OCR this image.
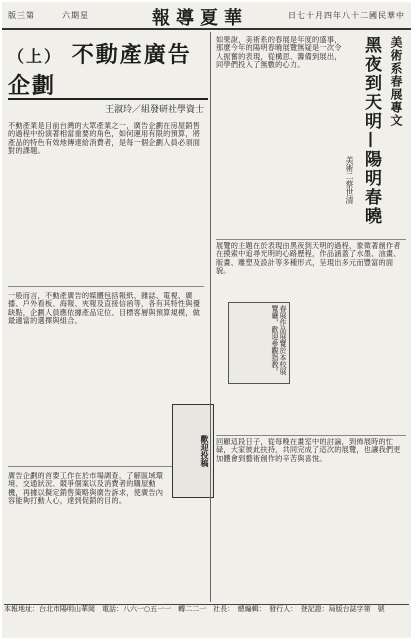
版三第	六期星	報導夏華	日七十月四年八十二國民華中
（上） 不動產廣告企劃
王淑玲／組發研社學資士
不動產業是目前台灣的大眾產業之一，廣告企劃在房屋銷售的過程中扮演著相當重要的角色，如何運用有限的預算，將產品的特色有效地傳達給消費者，是每一個企劃人員必須面對的課題。
一般而言，不動產廣告的媒體包括報紙、雜誌、電視、廣播、戶外看板、海報、夾報及直接信函等，各有其特性與優缺點，企劃人員應依據產品定位、目標客層與預算規模，做最適當的選擇與組合。
廣告企劃的首要工作在於市場調查，了解區域環境、交通狀況、競爭個案以及消費者的購屋動機，再據以擬定銷售策略與廣告訴求，使廣告內容能夠打動人心，達到促銷的目的。
歡迎投稿
美術系春展專文
黑夜到天明—陽明春曉
美術二蔡世清
如果說，美術系的春展是年度的盛事，那麼今年的陽明春曉展覽無疑是一次令人振奮的表現，從構思、籌備到展出，同學們投入了無數的心力。
展覽的主題在於表現由黑夜到天明的過程，象徵著創作者在摸索中追尋光明的心路歷程，作品涵蓋了水墨、油畫、版畫、雕塑及設計等多種形式，呈現出多元而豐富的面貌。
春展作品展覽於本校展覽廳，歡迎參觀指教。
回顧這段日子，從每晚在畫室中的討論，到佈展時的忙碌，大家彼此扶持，共同完成了這次的展覽，也讓我們更加體會到藝術創作的辛苦與喜悅。
本報地址：台北市陽明山華岡　電話：八六一○五一一　轉二二一　社長：　總編輯：　發行人：　登記證：局版台誌字第　號
